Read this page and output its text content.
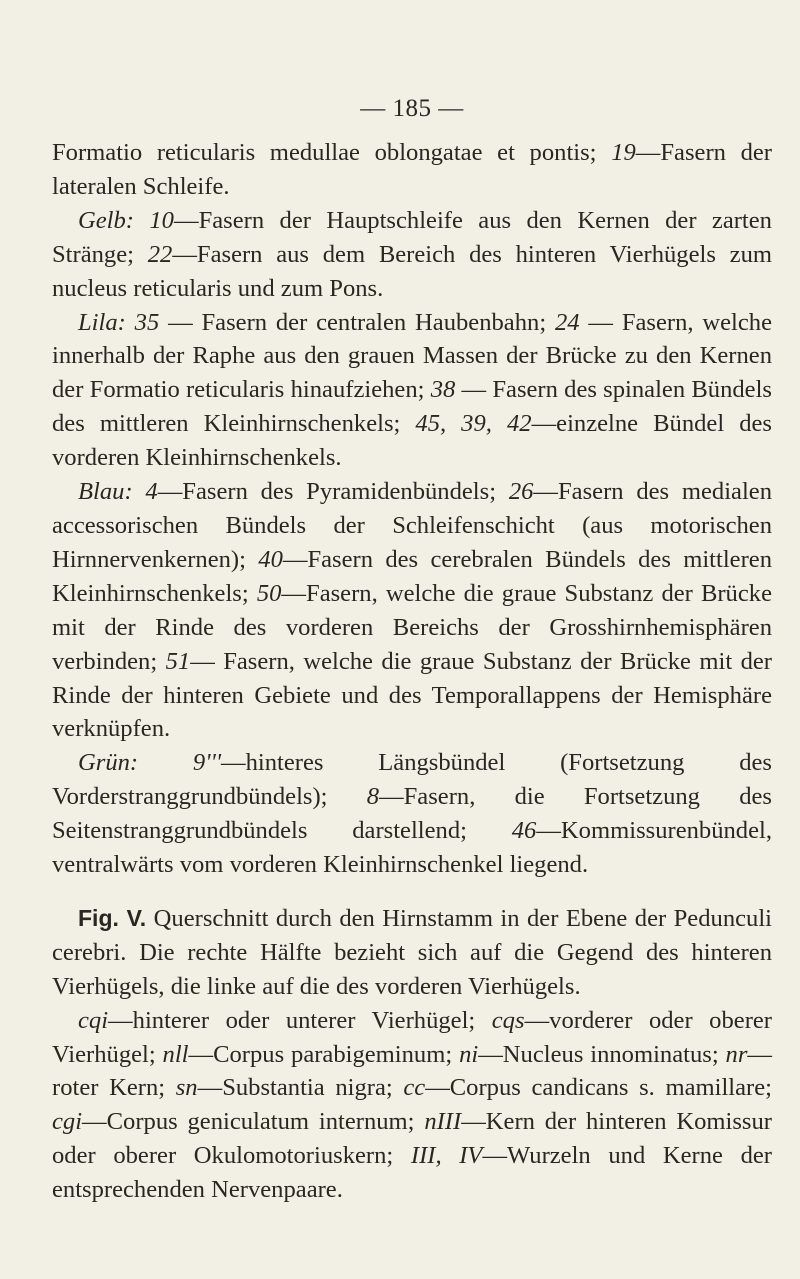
— 185 —

Formatio reticularis medullae oblongatae et pontis; 19—Fasern der lateralen Schleife.

Gelb: 10—Fasern der Hauptschleife aus den Kernen der zarten Stränge; 22—Fasern aus dem Bereich des hinteren Vierhügels zum nucleus reticularis und zum Pons.

Lila: 35 — Fasern der centralen Haubenbahn; 24 — Fasern, welche innerhalb der Raphe aus den grauen Massen der Brücke zu den Kernen der Formatio reticularis hinaufziehen; 38 — Fasern des spinalen Bündels des mittleren Kleinhirnschenkels; 45, 39, 42—einzelne Bündel des vorderen Kleinhirnschenkels.

Blau: 4—Fasern des Pyramidenbündels; 26—Fasern des medialen accessorischen Bündels der Schleifenschicht (aus motorischen Hirnnervenkernen); 40—Fasern des cerebralen Bündels des mittleren Kleinhirnschenkels; 50—Fasern, welche die graue Substanz der Brücke mit der Rinde des vorderen Bereichs der Grosshirnhemisphären verbinden; 51— Fasern, welche die graue Substanz der Brücke mit der Rinde der hinteren Gebiete und des Temporallappens der Hemisphäre verknüpfen.

Grün: 9'''—hinteres Längsbündel (Fortsetzung des Vorderstranggrundbündels); 8—Fasern, die Fortsetzung des Seitenstranggrundbündels darstellend; 46—Kommissurenbündel, ventralwärts vom vorderen Kleinhirnschenkel liegend.

Fig. V. Querschnitt durch den Hirnstamm in der Ebene der Pedunculi cerebri. Die rechte Hälfte bezieht sich auf die Gegend des hinteren Vierhügels, die linke auf die des vorderen Vierhügels.

cqi—hinterer oder unterer Vierhügel; cqs—vorderer oder oberer Vierhügel; nll—Corpus parabigeminum; ni—Nucleus innominatus; nr—roter Kern; sn—Substantia nigra; cc—Corpus candicans s. mamillare; cgi—Corpus geniculatum internum; nIII—Kern der hinteren Komissur oder oberer Okulomotoriuskern; III, IV—Wurzeln und Kerne der entsprechenden Nervenpaare.
